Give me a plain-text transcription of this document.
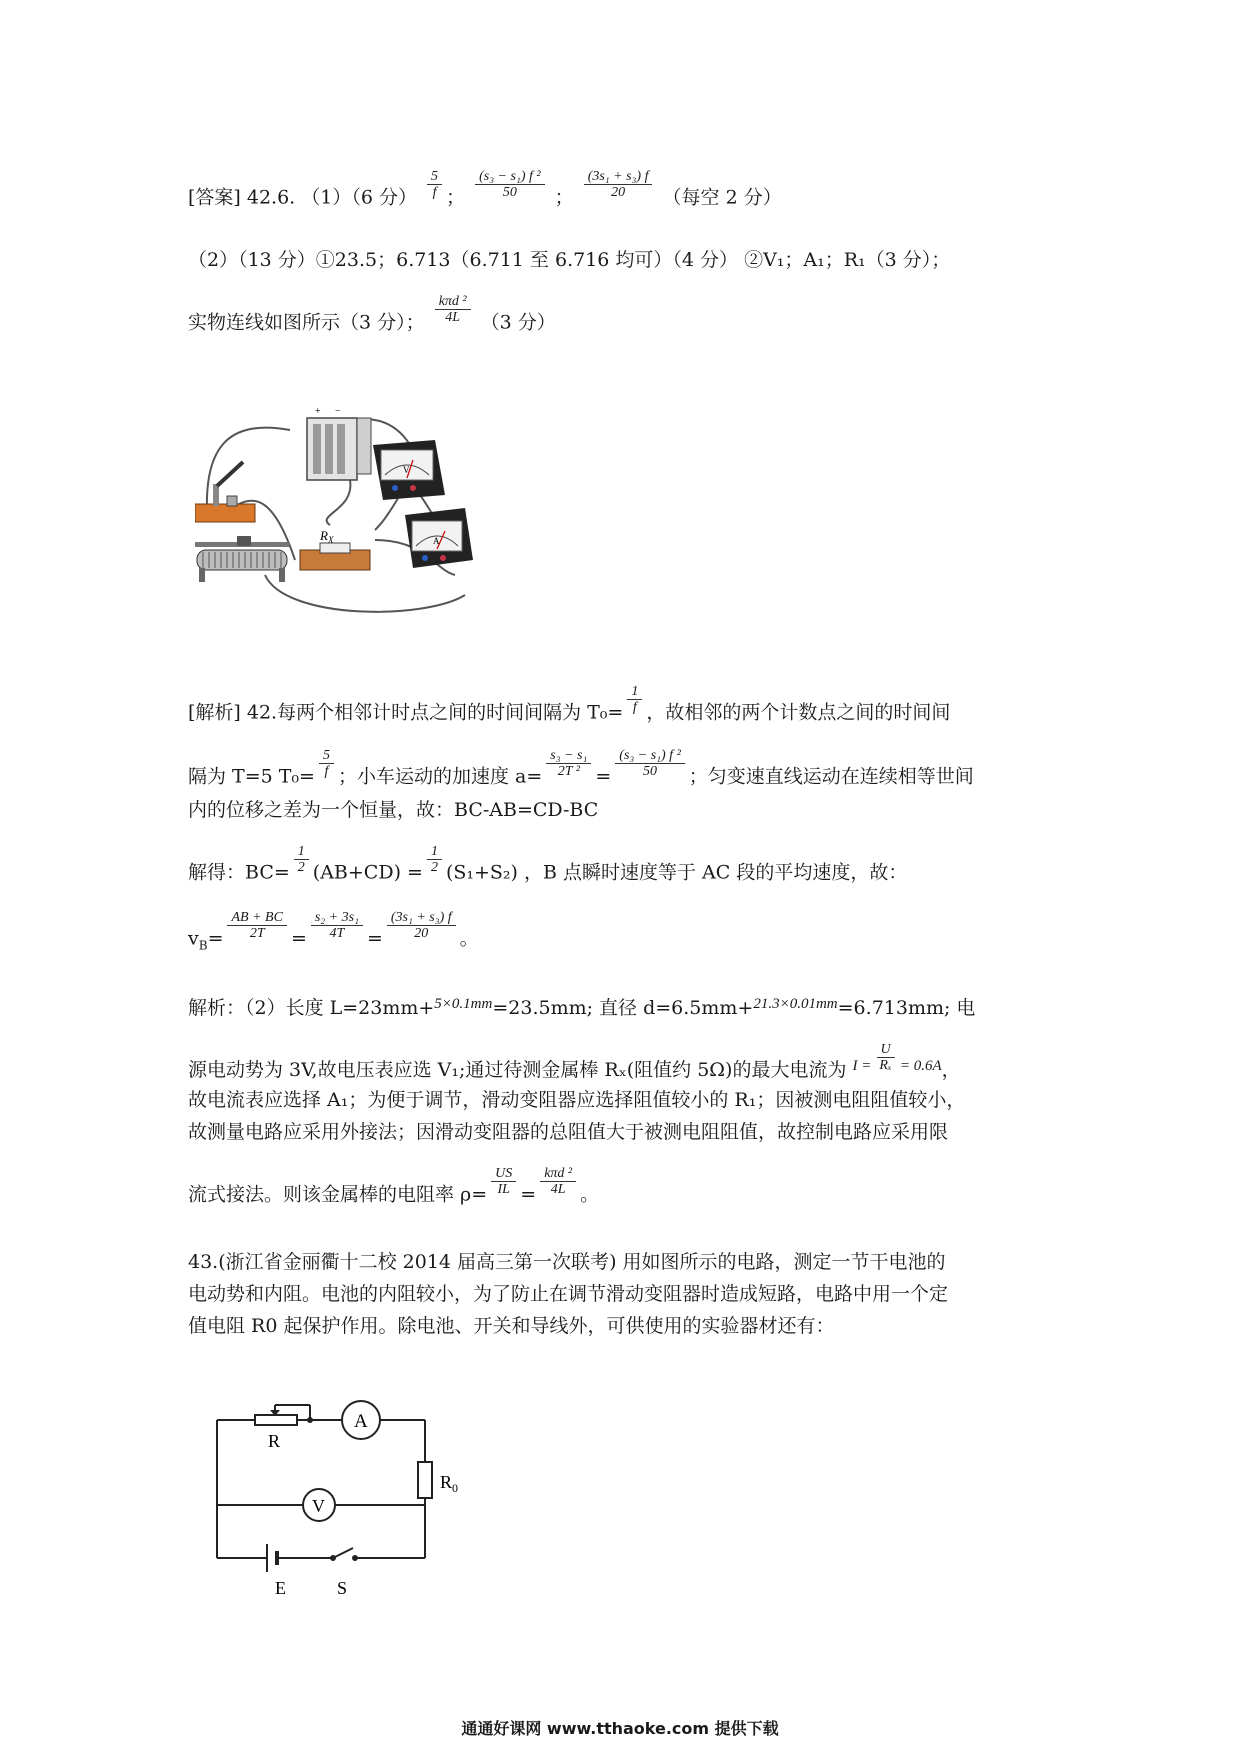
[答案] 42.6. （1）（6 分） $\frac{5}{f}$ ； $\frac{\text{(s₃ − s₁) f ²}}{50}$ ； $\frac{\text{(3s₁ + s₃) f}}{20}$ （每空 2 分）
（2）（13 分）①23.5；6.713（6.711 至 6.716 均可）（4 分） ②V₁；A₁；R₁（3 分）；
实物连线如图所示（3 分）； $\frac{\text{kπd ²}}{4L} (3$ 分）
+ −
$R_X$
V
A
[解析] 42.每两个相邻计时点之间的时间间隔为 $T_0= \frac{1}{f}$ ，故相邻的两个计数点之间的时间间
隔为 T=5 $T_0= \frac{5}{f}$ ；小车运动的加速度 $a= \frac{\text{s₃ − s₁}}{\text{2T ²}} = \frac{\text{(s₃ − s₁) f ²}}{50}$ ；匀变速直线运动在连续相等世间
内的位移之差为一个恒量，故：BC-AB=CD-BC
解得：$BC= \frac{1}{2} (AB+CD) = \frac{1}{2} (S_1+S_2)$ ，B 点瞬时速度等于 AC 段的平均速度，故：
$v_B= \frac{AB + BC}{2T} = \frac{\text{s₂ + 3s₁}}{4T} = \frac{\text{(3s₁ + s₃) f}}{20}$ 。
解析：（2）长度 L=23mm+$^{5\times 0.1mm}$=23.5mm; 直径 d=6.5mm+$^{21.3\times 0.01mm}$=6.713mm; 电
源电动势为 3V,故电压表应选 V₁;通过待测金属棒 Rₓ(阻值约 5Ω)的最大电流为 $^{I =} \frac{U}{\text{Rₓ}} ^{= 0.6A}$，
故电流表应选择 A₁；为便于调节，滑动变阻器应选择阻值较小的 R₁；因被测电阻阻值较小，
故测量电路应采用外接法；因滑动变阻器的总阻值大于被测电阻阻值，故控制电路应采用限
流式接法。则该金属棒的电阻率 $\rho= \frac{US}{IL} = \frac{\text{kπd ²}}{4L}$ 。
43.(浙江省金丽衢十二校 2014 届高三第一次联考) 用如图所示的电路，测定一节干电池的
电动势和内阻。电池的内阻较小，为了防止在调节滑动变阻器时造成短路，电路中用一个定
值电阻 R0 起保护作用。除电池、开关和导线外，可供使用的实验器材还有：
R
A
$R_0$
V
E	S
通通好课网 www.tthaoke.com 提供下载
